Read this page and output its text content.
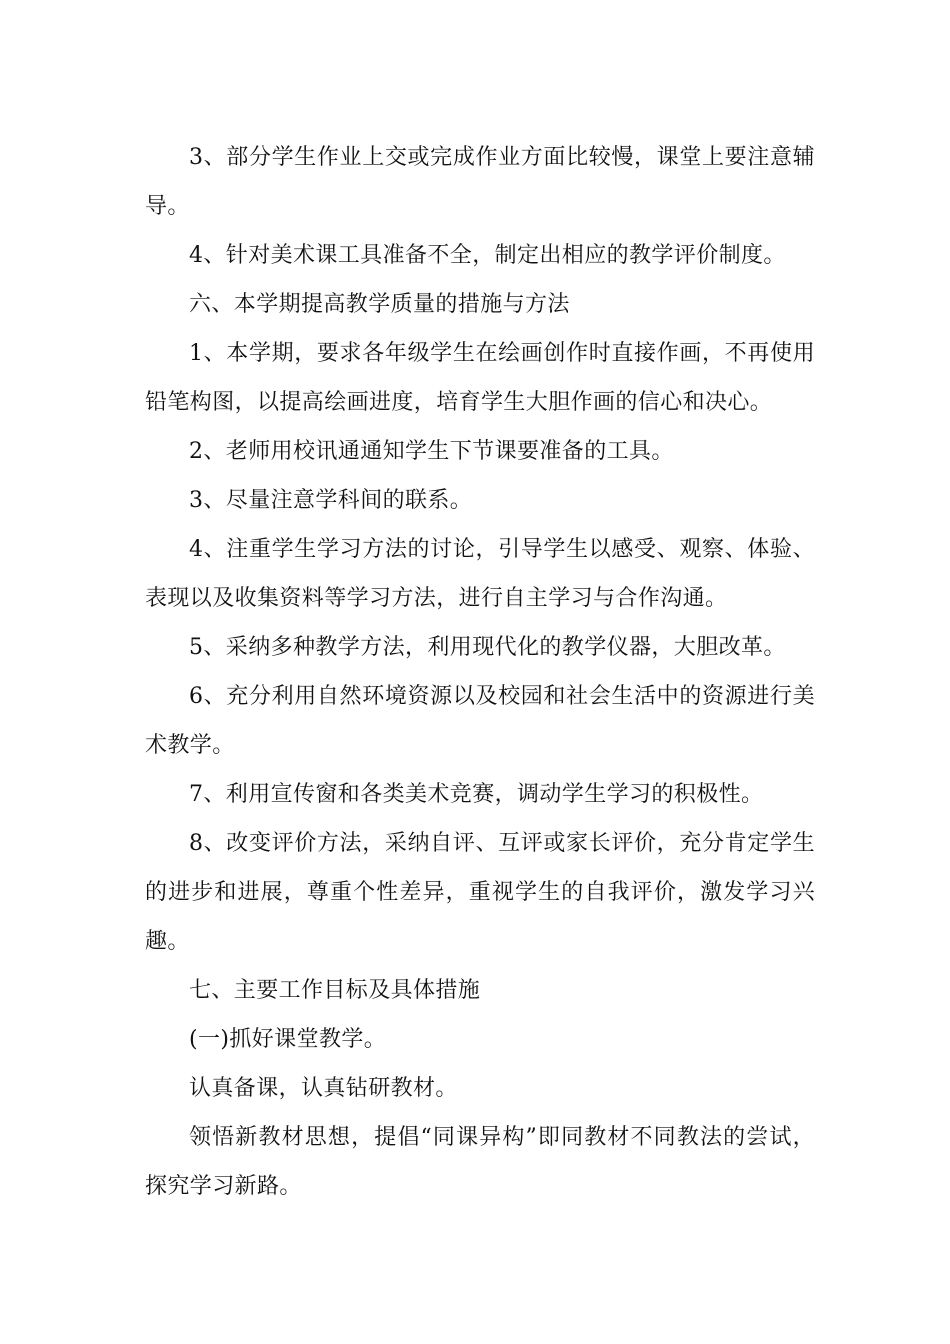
3、部分学生作业上交或完成作业方面比较慢，课堂上要注意辅导。

4、针对美术课工具准备不全，制定出相应的教学评价制度。

六、本学期提高教学质量的措施与方法

1、本学期，要求各年级学生在绘画创作时直接作画，不再使用铅笔构图，以提高绘画进度，培育学生大胆作画的信心和决心。

2、老师用校讯通通知学生下节课要准备的工具。

3、尽量注意学科间的联系。

4、注重学生学习方法的讨论，引导学生以感受、观察、体验、表现以及收集资料等学习方法，进行自主学习与合作沟通。

5、采纳多种教学方法，利用现代化的教学仪器，大胆改革。

6、充分利用自然环境资源以及校园和社会生活中的资源进行美术教学。

7、利用宣传窗和各类美术竞赛，调动学生学习的积极性。

8、改变评价方法，采纳自评、互评或家长评价，充分肯定学生的进步和进展，尊重个性差异，重视学生的自我评价，激发学习兴趣。

七、主要工作目标及具体措施

(一)抓好课堂教学。

认真备课，认真钻研教材。

领悟新教材思想，提倡“同课异构”即同教材不同教法的尝试，探究学习新路。
